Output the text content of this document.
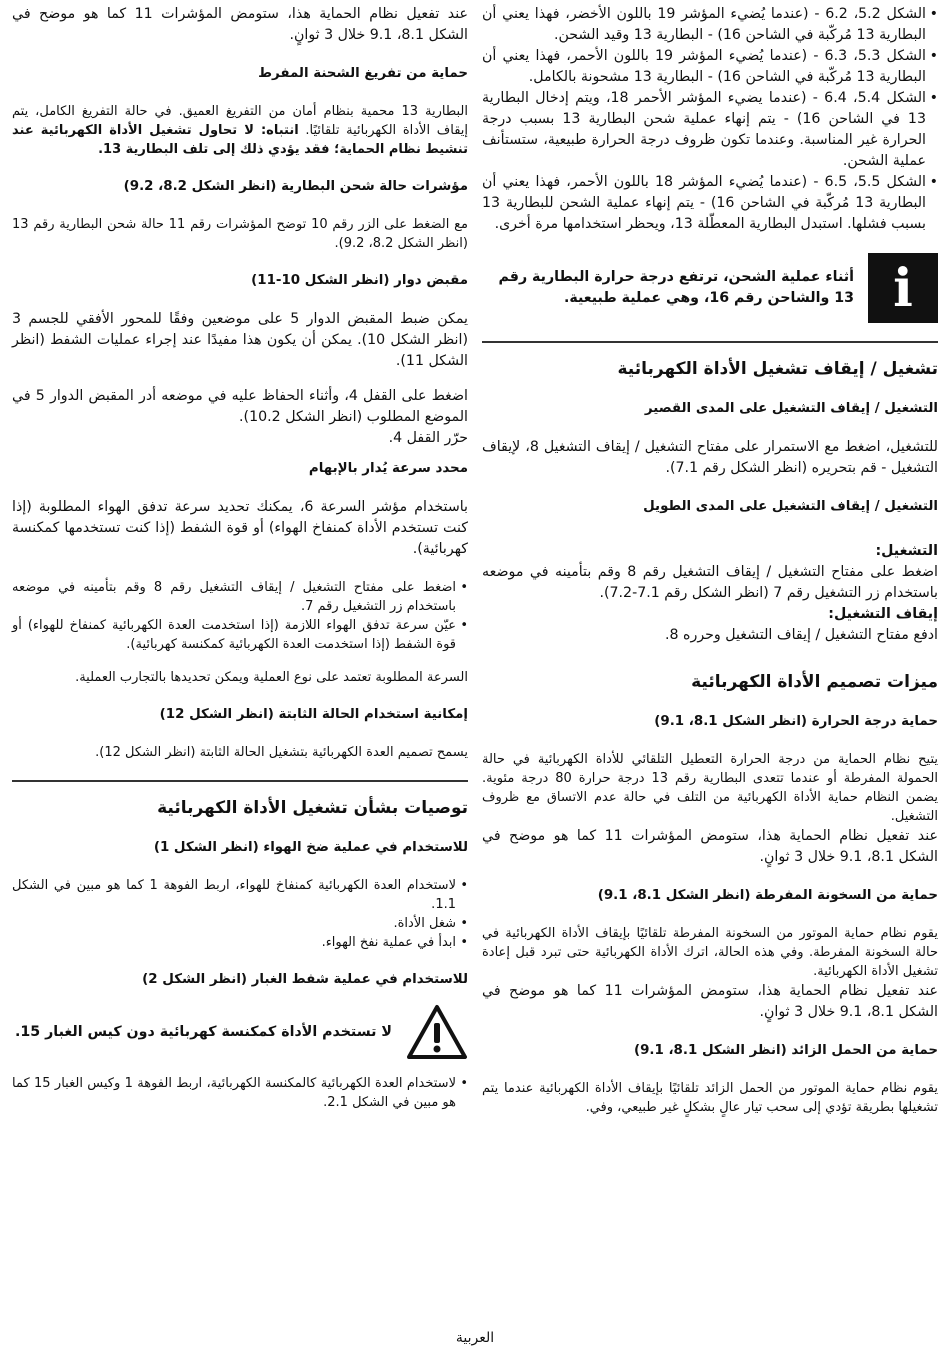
• الشكل 5.2، 6.2 - (عندما يُضيء المؤشر 19 باللون الأخضر، فهذا يعني أن البطارية 13 مُركّبة في الشاحن 16) - البطارية 13 وقيد الشحن.
• الشكل 5.3، 6.3 - (عندما يُضيء المؤشر 19 باللون الأحمر، فهذا يعني أن البطارية 13 مُركّبة في الشاحن 16) - البطارية 13 مشحونة بالكامل.
• الشكل 5.4، 6.4 - (عندما يضيء المؤشر الأحمر 18، ويتم إدخال البطارية 13 في الشاحن 16) - يتم إنهاء عملية شحن البطارية 13 بسبب درجة الحرارة غير المناسبة. وعندما تكون ظروف درجة الحرارة طبيعية، ستستأنف عملية الشحن.
• الشكل 5.5، 6.5 - (عندما يُضيء المؤشر 18 باللون الأحمر، فهذا يعني أن البطارية 13 مُركّبة في الشاحن 16) - يتم إنهاء عملية الشحن للبطارية 13 بسبب فشلها. استبدل البطارية المعطّلة 13، ويحظر استخدامها مرة أخرى.
i

أثناء عملية الشحن، ترتفع درجة حرارة البطارية رقم 13 والشاحن رقم 16، وهي عملية طبيعية.

تشغيل / إيقاف تشغيل الأداة الكهربائية

التشغيل / إيقاف التشغيل على المدى القصير

للتشغيل، اضغط مع الاستمرار على مفتاح التشغيل / إيقاف التشغيل 8، لإيقاف التشغيل - قم بتحريره (انظر الشكل رقم 7.1).

التشغيل / إيقاف التشغيل على المدى الطويل

التشغيل:

اضغط على مفتاح التشغيل / إيقاف التشغيل رقم 8 وقم بتأمينه في موضعه باستخدام زر التشغيل رقم 7 (انظر الشكل رقم 7.1-7.2).

إيقاف التشغيل:

ادفع مفتاح التشغيل / إيقاف التشغيل وحرره 8.

ميزات تصميم الأداة الكهربائية

حماية درجة الحرارة (انظر الشكل 8.1، 9.1)

يتيح نظام الحماية من درجة الحرارة التعطيل التلقائي للأداة الكهربائية في حالة الحمولة المفرطة أو عندما تتعدى البطارية رقم 13 درجة حرارة 80 درجة مئوية. يضمن النظام حماية الأداة الكهربائية من التلف في حالة عدم الاتساق مع ظروف التشغيل.

عند تفعيل نظام الحماية هذا، ستومض المؤشرات 11 كما هو موضح في الشكل 8.1، 9.1 خلال 3 ثوانٍ.

حماية من السخونة المفرطة (انظر الشكل 8.1، 9.1)

يقوم نظام حماية الموتور من السخونة المفرطة تلقائيًا بإيقاف الأداة الكهربائية في حالة السخونة المفرطة. وفي هذه الحالة، اترك الأداة الكهربائية حتى تبرد قبل إعادة تشغيل الأداة الكهربائية.

عند تفعيل نظام الحماية هذا، ستومض المؤشرات 11 كما هو موضح في الشكل 8.1، 9.1 خلال 3 ثوانٍ.

حماية من الحمل الزائد (انظر الشكل 8.1، 9.1)

يقوم نظام حماية الموتور من الحمل الزائد تلقائيًا بإيقاف الأداة الكهربائية عندما يتم تشغيلها بطريقة تؤدي إلى سحب تيار عالٍ بشكلٍ غير طبيعي، وفي.

عند تفعيل نظام الحماية هذا، ستومض المؤشرات 11 كما هو موضح في الشكل 8.1، 9.1 خلال 3 ثوانٍ.

حماية من تفريغ الشحنة المفرط

البطارية 13 محمية بنظام أمان من التفريغ العميق. في حالة التفريغ الكامل، يتم إيقاف الأداة الكهربائية تلقائيًا. انتباه: لا تحاول تشغيل الأداة الكهربائية عند تنشيط نظام الحماية؛ فقد يؤدي ذلك إلى تلف البطارية 13.

مؤشرات حالة شحن البطارية (انظر الشكل 8.2، 9.2)

مع الضغط على الزر رقم 10 توضح المؤشرات رقم 11 حالة شحن البطارية رقم 13 (انظر الشكل 8.2، 9.2).

مقبض دوار (انظر الشكل 10-11)

يمكن ضبط المقبض الدوار 5 على موضعين وفقًا للمحور الأفقي للجسم 3 (انظر الشكل 10). يمكن أن يكون هذا مفيدًا عند إجراء عمليات الشفط (انظر الشكل 11).

اضغط على القفل 4، وأثناء الحفاظ عليه في موضعه أدر المقبض الدوار 5 في الموضع المطلوب (انظر الشكل 10.2).

حرّر القفل 4.

محدد سرعة يُدار بالإبهام

باستخدام مؤشر السرعة 6، يمكنك تحديد سرعة تدفق الهواء المطلوبة (إذا كنت تستخدم الأداة كمنفاخ الهواء) أو قوة الشفط (إذا كنت تستخدمها كمكنسة كهربائية).

• اضغط على مفتاح التشغيل / إيقاف التشغيل رقم 8 وقم بتأمينه في موضعه باستخدام زر التشغيل رقم 7.
• عيّن سرعة تدفق الهواء اللازمة (إذا استخدمت العدة الكهربائية كمنفاخ للهواء) أو قوة الشفط (إذا استخدمت العدة الكهربائية كمكنسة كهربائية).

السرعة المطلوبة تعتمد على نوع العملية ويمكن تحديدها بالتجارب العملية.

إمكانية استخدام الحالة الثابتة (انظر الشكل 12)

يسمح تصميم العدة الكهربائية بتشغيل الحالة الثابتة (انظر الشكل 12).

توصيات بشأن تشغيل الأداة الكهربائية

للاستخدام في عملية ضخ الهواء (انظر الشكل 1)

• لاستخدام العدة الكهربائية كمنفاخ للهواء، اربط الفوهة 1 كما هو مبين في الشكل 1.1.
• شغل الأداة.
• ابدأ في عملية نفخ الهواء.

للاستخدام في عملية شفط الغبار (انظر الشكل 2)

لا تستخدم الأداة كمكنسة كهربائية دون كيس الغبار 15.

• لاستخدام العدة الكهربائية كالمكنسة الكهربائية، اربط الفوهة 1 وكيس الغبار 15 كما هو مبين في الشكل 2.1.
العربية
